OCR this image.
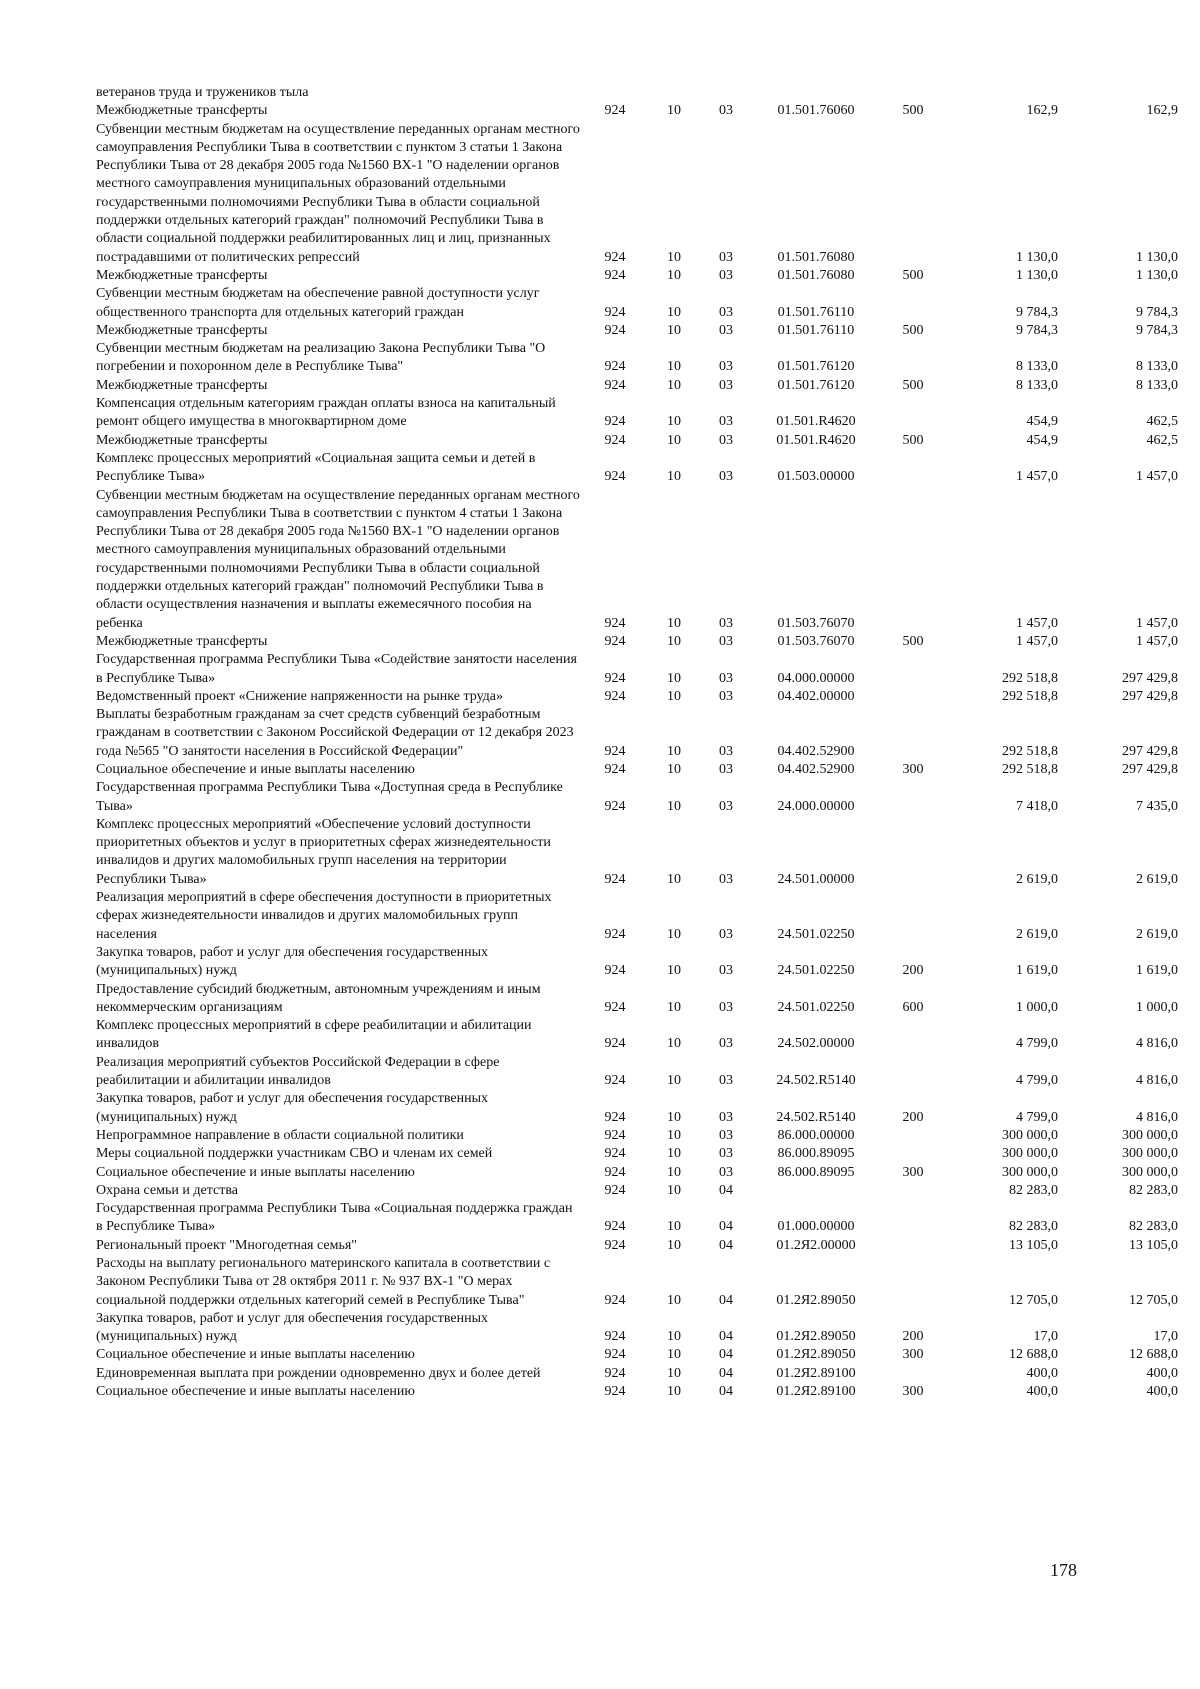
ветеранов труда и тружеников тыла							
Межбюджетные трансферты	924	10	03	01.501.76060	500	162,9	162,9
Субвенции местным бюджетам на осуществление переданных органам местного самоуправления Республики Тыва в соответствии с пунктом 3 статьи 1 Закона Республики Тыва от 28 декабря 2005 года №1560 ВХ-1 "О наделении органов местного самоуправления муниципальных образований отдельными государственными полномочиями Республики Тыва в области социальной поддержки отдельных категорий граждан" полномочий Республики Тыва в области социальной поддержки реабилитированных лиц и лиц, признанных пострадавшими от политических репрессий	924	10	03	01.501.76080		1 130,0	1 130,0
Межбюджетные трансферты	924	10	03	01.501.76080	500	1 130,0	1 130,0
Субвенции местным бюджетам на обеспечение равной доступности услуг общественного транспорта для отдельных категорий граждан	924	10	03	01.501.76110		9 784,3	9 784,3
Межбюджетные трансферты	924	10	03	01.501.76110	500	9 784,3	9 784,3
Субвенции местным бюджетам на реализацию Закона Республики Тыва "О погребении и похоронном деле в Республике Тыва"	924	10	03	01.501.76120		8 133,0	8 133,0
Межбюджетные трансферты	924	10	03	01.501.76120	500	8 133,0	8 133,0
Компенсация отдельным категориям граждан оплаты взноса на капитальный ремонт общего имущества в многоквартирном доме	924	10	03	01.501.R4620		454,9	462,5
Межбюджетные трансферты	924	10	03	01.501.R4620	500	454,9	462,5
Комплекс процессных мероприятий «Социальная защита семьи и детей в Республике Тыва»	924	10	03	01.503.00000		1 457,0	1 457,0
Субвенции местным бюджетам на осуществление переданных органам местного самоуправления Республики Тыва в соответствии с пунктом 4 статьи 1 Закона Республики Тыва от 28 декабря 2005 года №1560 ВХ-1 "О наделении органов местного самоуправления муниципальных образований отдельными государственными полномочиями Республики Тыва в области социальной поддержки отдельных категорий граждан" полномочий Республики Тыва в области осуществления назначения и выплаты ежемесячного пособия на ребенка	924	10	03	01.503.76070		1 457,0	1 457,0
Межбюджетные трансферты	924	10	03	01.503.76070	500	1 457,0	1 457,0
Государственная программа Республики Тыва «Содействие занятости населения в Республике Тыва»	924	10	03	04.000.00000		292 518,8	297 429,8
Ведомственный проект «Снижение напряженности на рынке труда»	924	10	03	04.402.00000		292 518,8	297 429,8
Выплаты безработным гражданам за счет средств субвенций безработным гражданам в соответствии с Законом Российской Федерации от 12 декабря 2023 года №565 "О занятости населения в Российской Федерации"	924	10	03	04.402.52900		292 518,8	297 429,8
Социальное обеспечение и иные выплаты населению	924	10	03	04.402.52900	300	292 518,8	297 429,8
Государственная программа Республики Тыва «Доступная среда в Республике Тыва»	924	10	03	24.000.00000		7 418,0	7 435,0
Комплекс процессных мероприятий «Обеспечение условий доступности приоритетных объектов и услуг в приоритетных сферах жизнедеятельности инвалидов и других маломобильных групп населения на территории Республики Тыва»	924	10	03	24.501.00000		2 619,0	2 619,0
Реализация мероприятий в сфере обеспечения доступности в приоритетных сферах жизнедеятельности инвалидов и других маломобильных групп населения	924	10	03	24.501.02250		2 619,0	2 619,0
Закупка товаров, работ и услуг для обеспечения государственных (муниципальных) нужд	924	10	03	24.501.02250	200	1 619,0	1 619,0
Предоставление субсидий бюджетным, автономным учреждениям и иным некоммерческим организациям	924	10	03	24.501.02250	600	1 000,0	1 000,0
Комплекс процессных мероприятий в сфере реабилитации и абилитации инвалидов	924	10	03	24.502.00000		4 799,0	4 816,0
Реализация мероприятий субъектов Российской Федерации в сфере реабилитации и абилитации инвалидов	924	10	03	24.502.R5140		4 799,0	4 816,0
Закупка товаров, работ и услуг для обеспечения государственных (муниципальных) нужд	924	10	03	24.502.R5140	200	4 799,0	4 816,0
Непрограммное направление в области социальной политики	924	10	03	86.000.00000		300 000,0	300 000,0
Меры социальной поддержки участникам СВО и членам их семей	924	10	03	86.000.89095		300 000,0	300 000,0
Социальное обеспечение и иные выплаты населению	924	10	03	86.000.89095	300	300 000,0	300 000,0
Охрана семьи и детства	924	10	04			82 283,0	82 283,0
Государственная программа Республики Тыва «Социальная поддержка граждан в Республике Тыва»	924	10	04	01.000.00000		82 283,0	82 283,0
Региональный проект "Многодетная семья"	924	10	04	01.2Я2.00000		13 105,0	13 105,0
Расходы на выплату регионального материнского капитала в соответствии с Законом Республики Тыва от 28 октября 2011 г. № 937 ВХ-1 "О мерах социальной поддержки отдельных категорий семей в Республике Тыва"	924	10	04	01.2Я2.89050		12 705,0	12 705,0
Закупка товаров, работ и услуг для обеспечения государственных (муниципальных) нужд	924	10	04	01.2Я2.89050	200	17,0	17,0
Социальное обеспечение и иные выплаты населению	924	10	04	01.2Я2.89050	300	12 688,0	12 688,0
Единовременная выплата при рождении одновременно двух и более детей	924	10	04	01.2Я2.89100		400,0	400,0
Социальное обеспечение и иные выплаты населению	924	10	04	01.2Я2.89100	300	400,0	400,0
178
